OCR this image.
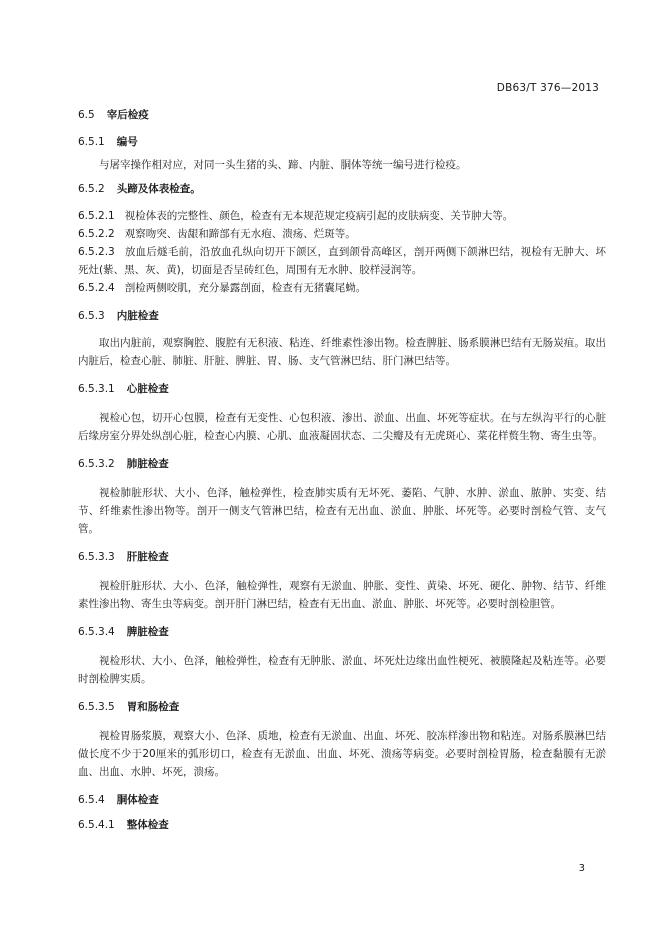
DB63/T 376—2013
6.5 宰后检疫
6.5.1 编号

与屠宰操作相对应，对同一头生猪的头、蹄、内脏、胴体等统一编号进行检疫。

6.5.2 头蹄及体表检查。

6.5.2.1 视检体表的完整性、颜色，检查有无本规范规定疫病引起的皮肤病变、关节肿大等。

6.5.2.2 观察吻突、齿龈和蹄部有无水疱、溃疡、烂斑等。

6.5.2.3 放血后燧毛前，沿放血孔纵向切开下颌区，直到颌骨高峰区，剖开两侧下颌淋巴结，视检有无肿大、坏死灶(紫、黑、灰、黄)，切面是否呈砖红色，周围有无水肿、胶样浸润等。

6.5.2.4 剖检两侧咬肌，充分暴露剖面，检查有无猪囊尾蚴。

6.5.3 内脏检查

取出内脏前，观察胸腔、腹腔有无积液、粘连、纤维素性渗出物。检查脾脏、肠系膜淋巴结有无肠炭疽。取出内脏后，检查心脏、肺脏、肝脏、脾脏、胃、肠、支气管淋巴结、肝门淋巴结等。

6.5.3.1 心脏检查

视检心包，切开心包膜，检查有无变性、心包积液、渗出、淤血、出血、坏死等症状。在与左纵沟平行的心脏后缘房室分界处纵剖心脏，检查心内膜、心肌、血液凝固状态、二尖瓣及有无虎斑心、菜花样赘生物、寄生虫等。

6.5.3.2 肺脏检查

视检肺脏形状、大小、色泽，触检弹性，检查肺实质有无坏死、萎陷、气肿、水肿、淤血、脓肿、实变、结节、纤维素性渗出物等。剖开一侧支气管淋巴结，检查有无出血、淤血、肿胀、坏死等。必要时剖检气管、支气管。

6.5.3.3 肝脏检查

视检肝脏形状、大小、色泽，触检弹性，观察有无淤血、肿胀、变性、黄染、坏死、硬化、肿物、结节、纤维素性渗出物、寄生虫等病变。剖开肝门淋巴结，检查有无出血、淤血、肿胀、坏死等。必要时剖检胆管。

6.5.3.4 脾脏检查

视检形状、大小、色泽，触检弹性，检查有无肿胀、淤血、坏死灶边缘出血性梗死、被膜隆起及粘连等。必要时剖检脾实质。

6.5.3.5 胃和肠检查

视检胃肠浆膜，观察大小、色泽、质地，检查有无淤血、出血、坏死、胶冻样渗出物和粘连。对肠系膜淋巴结做长度不少于20厘米的弧形切口，检查有无淤血、出血、坏死、溃疡等病变。必要时剖检胃肠，检查黏膜有无淤血、出血、水肿、坏死，溃疡。

6.5.4 胴体检查
6.5.4.1 整体检查
3
